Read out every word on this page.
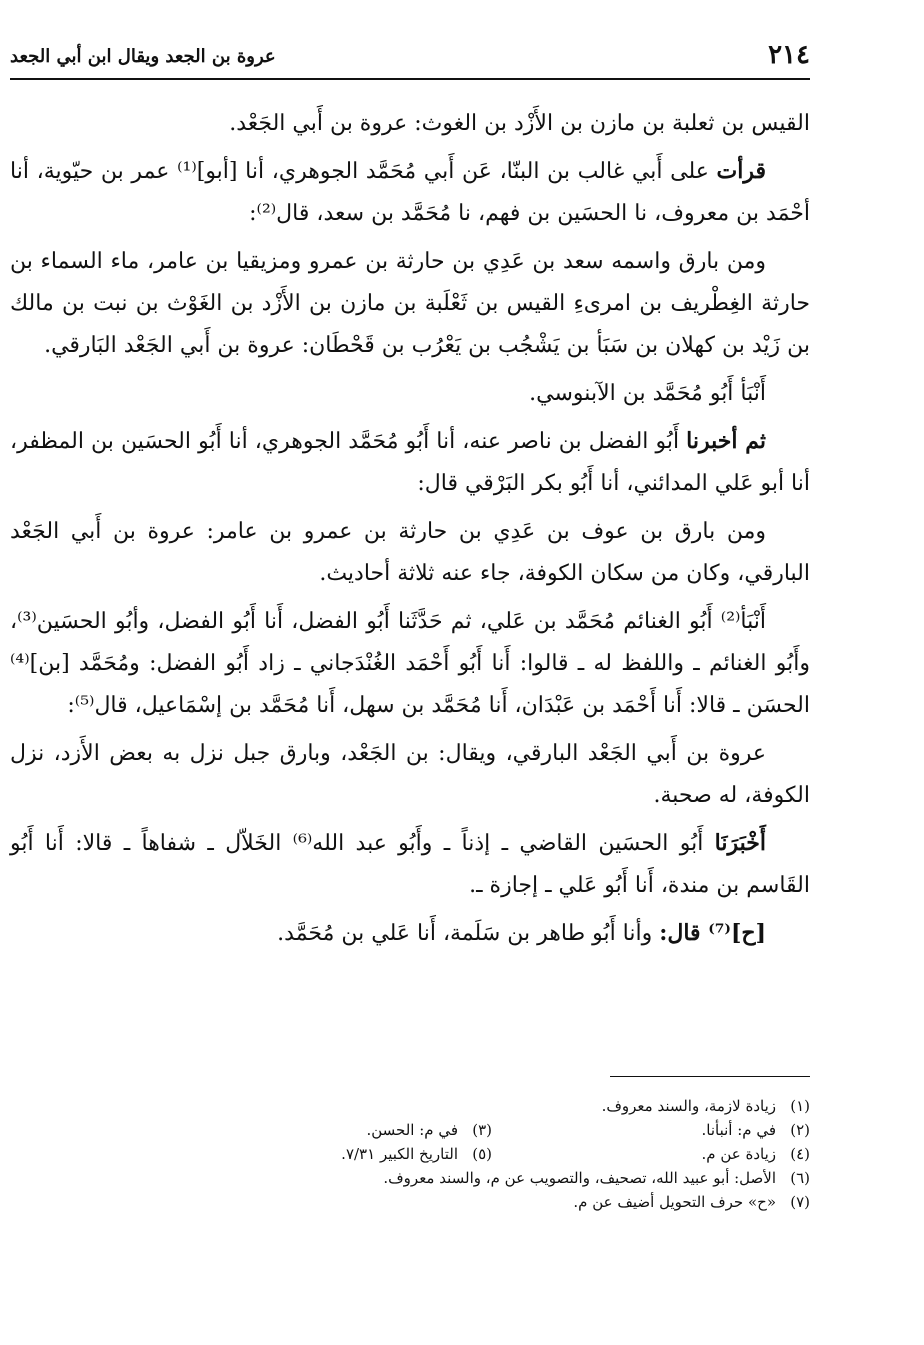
٢١٤
عروة بن الجعد ويقال ابن أبي الجعد

القيس بن ثعلبة بن مازن بن الأَزْد بن الغوث: عروة بن أَبي الجَعْد.

قرأت على أَبي غالب بن البنّا، عَن أَبي مُحَمَّد الجوهري، أنا [أبو]⁽¹⁾ عمر بن حيّوية، أنا أحْمَد بن معروف، نا الحسَين بن فهم، نا مُحَمَّد بن سعد، قال⁽²⁾:

ومن بارق واسمه سعد بن عَدِي بن حارثة بن عمرو ومزيقيا بن عامر، ماء السماء بن حارثة الغِطْريف بن امرىءِ القيس بن ثَعْلَبة بن مازن بن الأَزْد بن الغَوْث بن نبت بن مالك بن زَيْد بن كهلان بن سَبَأ بن يَشْجُب بن يَعْرُب بن قَحْطَان: عروة بن أَبي الجَعْد البَارقي.

أَنْبَأ أَبُو مُحَمَّد بن الآبنوسي.

ثم أخبرنا أَبُو الفضل بن ناصر عنه، أنا أَبُو مُحَمَّد الجوهري، أنا أَبُو الحسَين بن المظفر، أنا أبو عَلي المدائني، أنا أَبُو بكر البَرْقي قال:

ومن بارق بن عوف بن عَدِي بن حارثة بن عمرو بن عامر: عروة بن أَبي الجَعْد البارقي، وكان من سكان الكوفة، جاء عنه ثلاثة أحاديث.

أَنْبَأ⁽²⁾ أَبُو الغنائم مُحَمَّد بن عَلي، ثم حَدَّثَنا أَبُو الفضل، أَنا أَبُو الفضل، وأبُو الحسَين⁽³⁾، وأَبُو الغنائم ـ واللفظ له ـ قالوا: أَنا أَبُو أَحْمَد الغُنْدَجاني ـ زاد أَبُو الفضل: ومُحَمَّد [بن]⁽⁴⁾ الحسَن ـ قالا: أَنا أَحْمَد بن عَبْدَان، أَنا مُحَمَّد بن سهل، أَنا مُحَمَّد بن إسْمَاعيل، قال⁽⁵⁾:

عروة بن أَبي الجَعْد البارقي، ويقال: بن الجَعْد، وبارق جبل نزل به بعض الأَزد، نزل الكوفة، له صحبة.

أَخْبَرَنَا أَبُو الحسَين القاضي ـ إذناً ـ وأَبُو عبد الله⁽⁶⁾ الخَلاّل ـ شفاهاً ـ قالا: أَنا أَبُو القَاسم بن مندة، أَنا أَبُو عَلي ـ إجازة ـ.

[ح]⁽⁷⁾ قال: وأنا أَبُو طاهر بن سَلَمة، أَنا عَلي بن مُحَمَّد.

(١)
زيادة لازمة، والسند معروف.
(٢)
في م: أنبأنا.
(٣)
في م: الحسن.
(٤)
زيادة عن م.
(٥)
التاريخ الكبير ٧/٣١.
(٦)
الأصل: أبو عبيد الله، تصحيف، والتصويب عن م، والسند معروف.
(٧)
«ح» حرف التحويل أضيف عن م.
